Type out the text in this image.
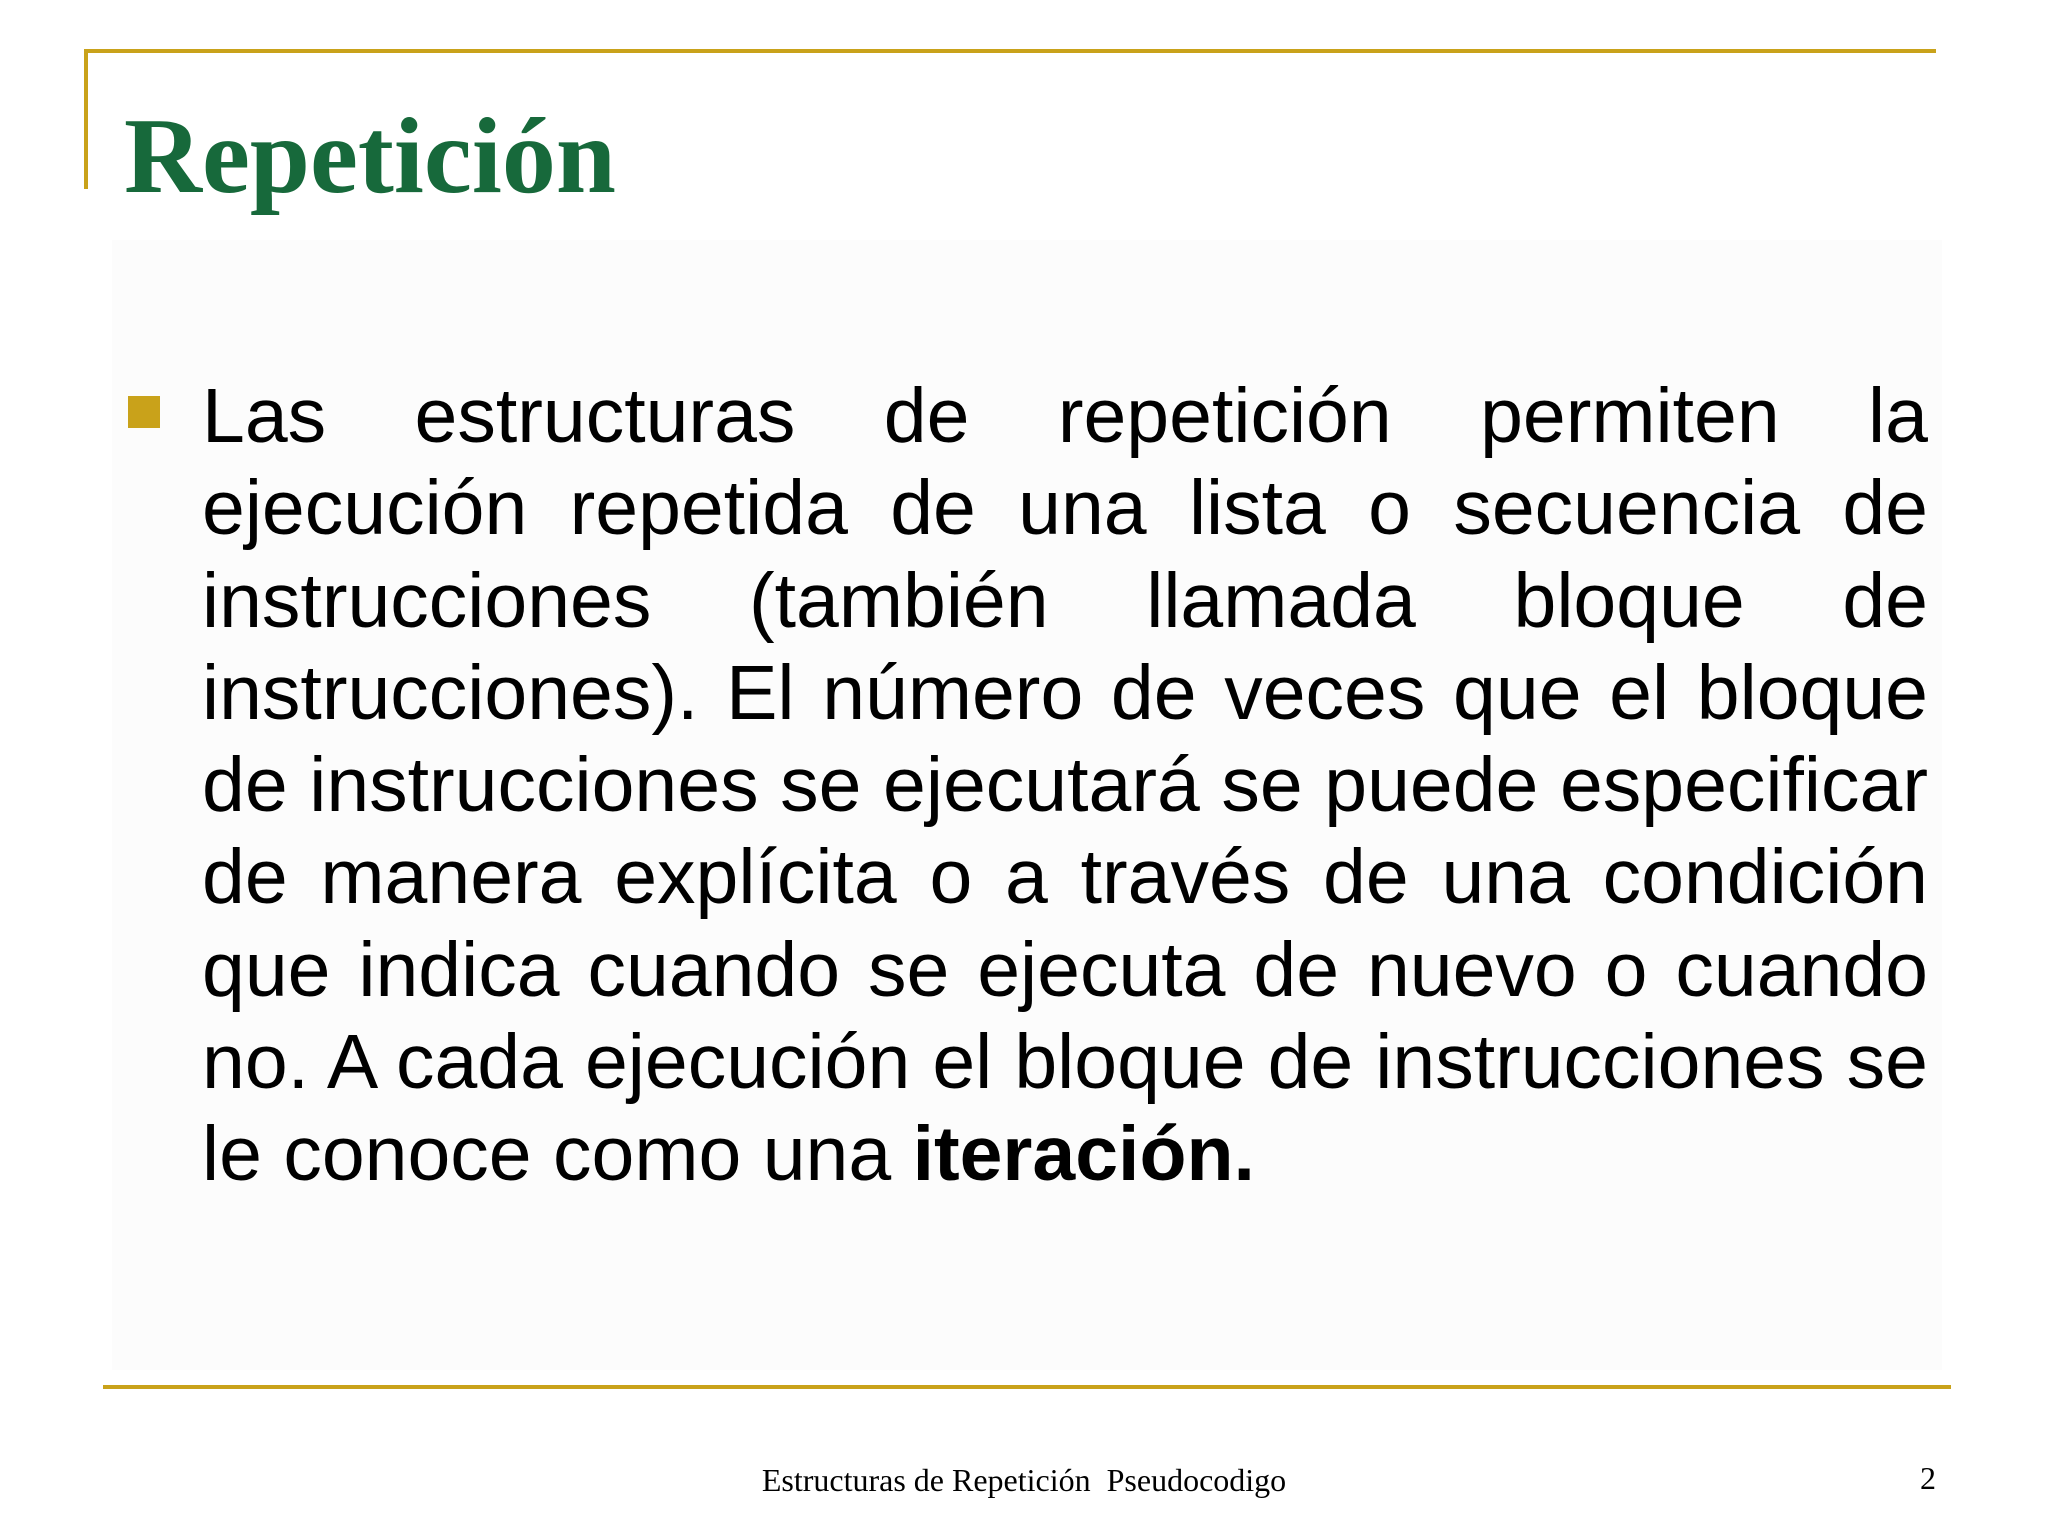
Repetición
Las estructuras de repetición permiten la ejecución repetida de una lista o secuencia de instrucciones (también llamada bloque de instrucciones). El número de veces que el bloque de instrucciones se ejecutará se puede especificar de manera explícita o a través de una condición que indica cuando se ejecuta de nuevo o cuando no. A cada ejecución el bloque de instrucciones se le conoce como una iteración.
Estructuras de Repetición  Pseudocodigo	2
